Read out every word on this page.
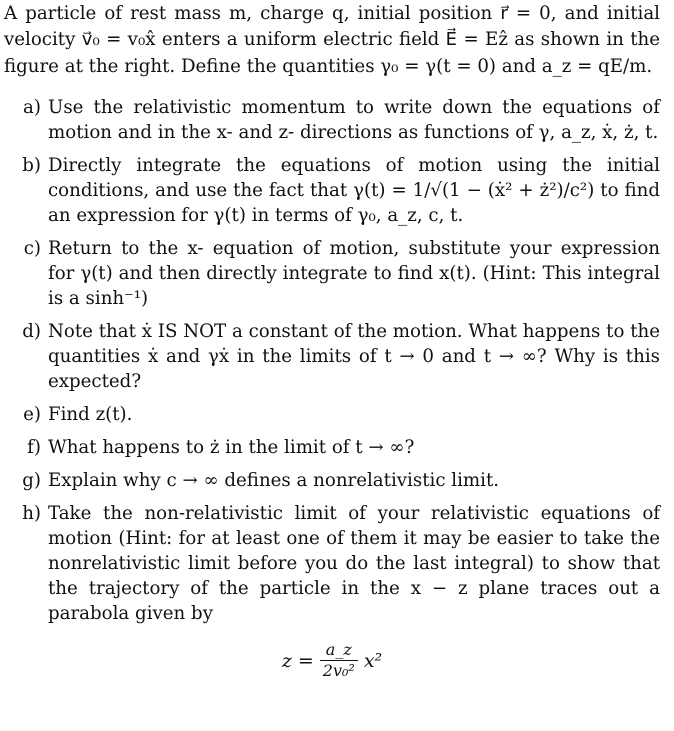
A particle of rest mass m, charge q, initial position r⃗ = 0, and initial velocity v⃗₀ = v₀x̂ enters a uniform electric field E⃗ = Eẑ as shown in the figure at the right. Define the quantities γ₀ = γ(t = 0) and a_z = qE/m.

a) Use the relativistic momentum to write down the equations of motion and in the x- and z- directions as functions of γ, a_z, ẋ, ż, t.
b) Directly integrate the equations of motion using the initial conditions, and use the fact that γ(t) = 1/√(1 − (ẋ² + ż²)/c²) to find an expression for γ(t) in terms of γ₀, a_z, c, t.
c) Return to the x- equation of motion, substitute your expression for γ(t) and then directly integrate to find x(t). (Hint: This integral is a sinh⁻¹)
d) Note that ẋ IS NOT a constant of the motion. What happens to the quantities ẋ and γẋ in the limits of t → 0 and t → ∞? Why is this expected?
e) Find z(t).
f) What happens to ż in the limit of t → ∞?
g) Explain why c → ∞ defines a nonrelativistic limit.
h) Take the non-relativistic limit of your relativistic equations of motion (Hint: for at least one of them it may be easier to take the nonrelativistic limit before you do the last integral) to show that the trajectory of the particle in the x − z plane traces out a parabola given by
$z = \frac{a\_z}{\text{2v₀²}} x^2$
